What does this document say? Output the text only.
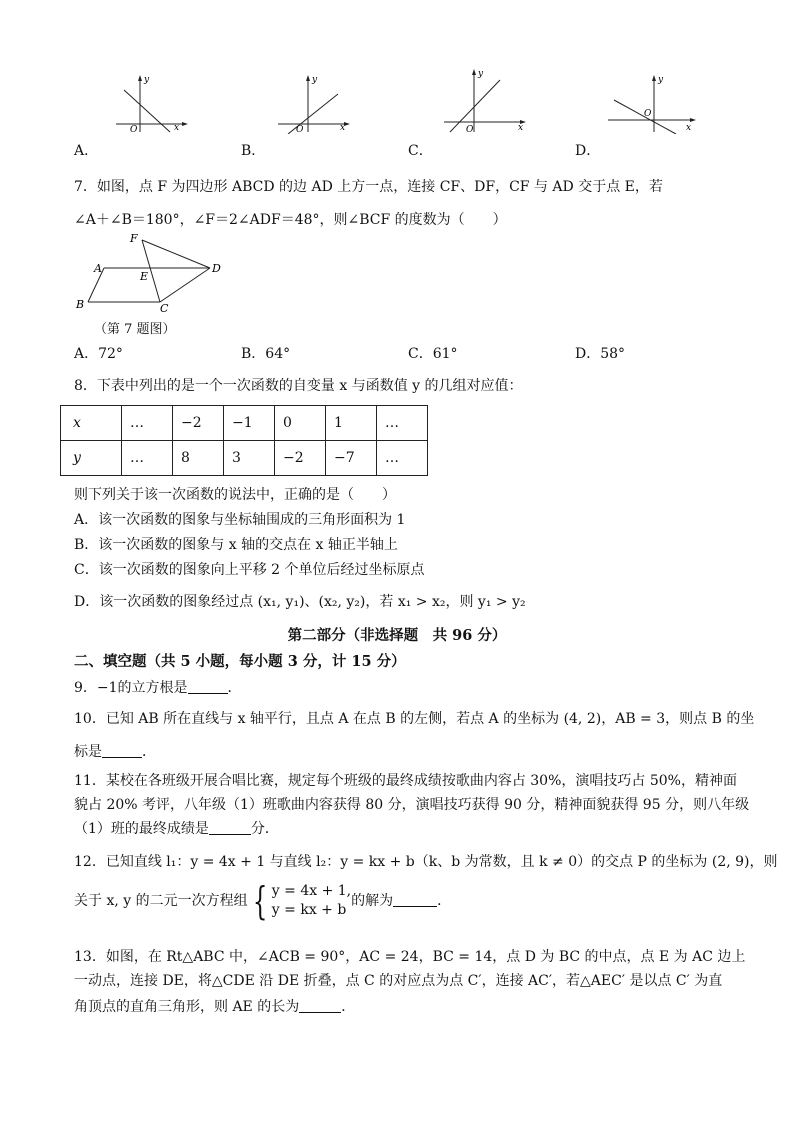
y
x
O
y
x
O
y
x
O
y
x
O
A．	B．	C．	D．
7．如图，点 F 为四边形 ABCD 的边 AD 上方一点，连接 CF、DF，CF 与 AD 交于点 E，若
∠A＋∠B＝180°，∠F＝2∠ADF＝48°，则∠BCF 的度数为（　　）
F
A
E
D
B	C
（第 7 题图）
A．72°	B．64°	C．61°	D．58°
8．下表中列出的是一个一次函数的自变量 x 与函数值 y 的几组对应值：
x	…	−2	−1	0	1	…
y	…	8	3	−2	−7	…
则下列关于该一次函数的说法中，正确的是（　　）
A．该一次函数的图象与坐标轴围成的三角形面积为 1
B．该一次函数的图象与 x 轴的交点在 x 轴正半轴上
C．该一次函数的图象向上平移 2 个单位后经过坐标原点
D．该一次函数的图象经过点 (x₁, y₁)、(x₂, y₂)，若 x₁ > x₂，则 y₁ > y₂
第二部分（非选择题　共 96 分）
二、填空题（共 5 小题，每小题 3 分，计 15 分）
9．−1的立方根是	．
10．已知 AB 所在直线与 x 轴平行，且点 A 在点 B 的左侧，若点 A 的坐标为 (4, 2)，AB = 3，则点 B 的坐
标是	．
11．某校在各班级开展合唱比赛，规定每个班级的最终成绩按歌曲内容占 30%，演唱技巧占 50%，精神面
貌占 20% 考评，八年级（1）班歌曲内容获得 80 分，演唱技巧获得 90 分，精神面貌获得 95 分，则八年级
（1）班的最终成绩是	分．
12．已知直线 l₁：y = 4x + 1 与直线 l₂：y = kx + b（k、b 为常数，且 k ≠ 0）的交点 P 的坐标为 (2, 9)，则
关于 x, y 的二元一次方程组 { y = 4x + 1,
y = kx + b的解为	．
13．如图，在 Rt△ABC 中，∠ACB = 90°，AC = 24，BC = 14，点 D 为 BC 的中点，点 E 为 AC 边上
一动点，连接 DE，将△CDE 沿 DE 折叠，点 C 的对应点为点 C′，连接 AC′，若△AEC′ 是以点 C′ 为直
角顶点的直角三角形，则 AE 的长为	．
